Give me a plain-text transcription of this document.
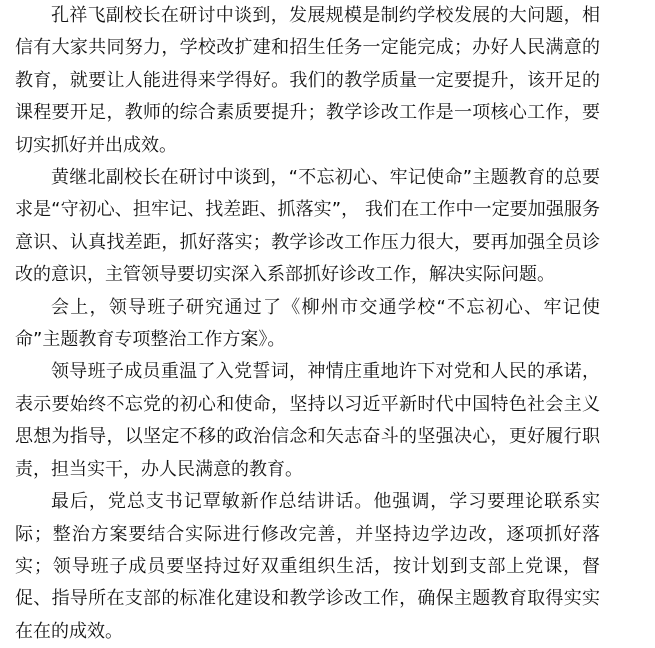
孔祥飞副校长在研讨中谈到，发展规模是制约学校发展的大问题，相信有大家共同努力，学校改扩建和招生任务一定能完成；办好人民满意的教育，就要让人能进得来学得好。我们的教学质量一定要提升，该开足的课程要开足，教师的综合素质要提升；教学诊改工作是一项核心工作，要切实抓好并出成效。

黄继北副校长在研讨中谈到，“不忘初心、牢记使命”主题教育的总要求是“守初心、担牢记、找差距、抓落实”， 我们在工作中一定要加强服务意识、认真找差距，抓好落实；教学诊改工作压力很大，要再加强全员诊改的意识，主管领导要切实深入系部抓好诊改工作，解决实际问题。

会上，领导班子研究通过了《柳州市交通学校“不忘初心、牢记使命”主题教育专项整治工作方案》。

领导班子成员重温了入党誓词，神情庄重地许下对党和人民的承诺，表示要始终不忘党的初心和使命，坚持以习近平新时代中国特色社会主义思想为指导，以坚定不移的政治信念和矢志奋斗的坚强决心，更好履行职责，担当实干，办人民满意的教育。

最后，党总支书记覃敏新作总结讲话。他强调，学习要理论联系实际；整治方案要结合实际进行修改完善，并坚持边学边改，逐项抓好落实；领导班子成员要坚持过好双重组织生活，按计划到支部上党课，督促、指导所在支部的标准化建设和教学诊改工作，确保主题教育取得实实在在的成效。
